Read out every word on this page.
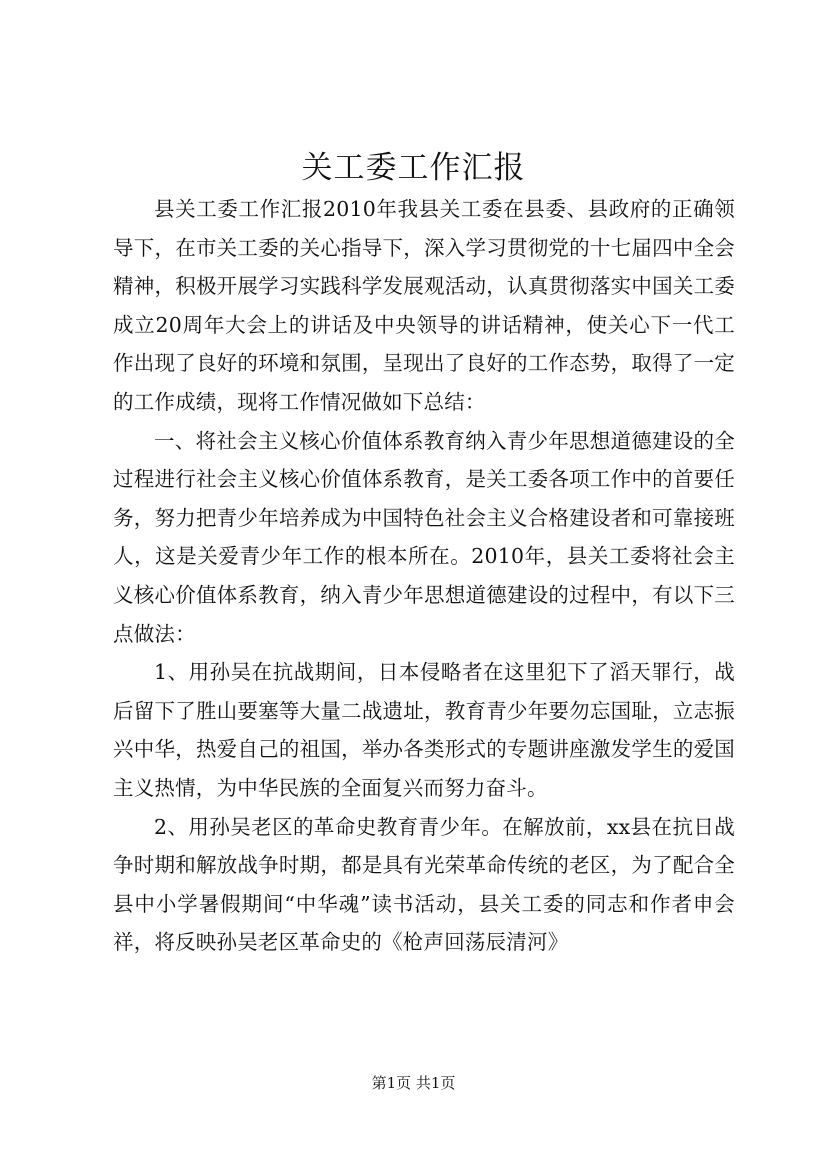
关工委工作汇报

县关工委工作汇报2010年我县关工委在县委、县政府的正确领导下，在市关工委的关心指导下，深入学习贯彻党的十七届四中全会精神，积极开展学习实践科学发展观活动，认真贯彻落实中国关工委成立20周年大会上的讲话及中央领导的讲话精神，使关心下一代工作出现了良好的环境和氛围，呈现出了良好的工作态势，取得了一定的工作成绩，现将工作情况做如下总结：

一、将社会主义核心价值体系教育纳入青少年思想道德建设的全过程进行社会主义核心价值体系教育，是关工委各项工作中的首要任务，努力把青少年培养成为中国特色社会主义合格建设者和可靠接班人，这是关爱青少年工作的根本所在。2010年，县关工委将社会主义核心价值体系教育，纳入青少年思想道德建设的过程中，有以下三点做法：

1、用孙吴在抗战期间，日本侵略者在这里犯下了滔天罪行，战后留下了胜山要塞等大量二战遗址，教育青少年要勿忘国耻，立志振兴中华，热爱自己的祖国，举办各类形式的专题讲座激发学生的爱国主义热情，为中华民族的全面复兴而努力奋斗。

2、用孙吴老区的革命史教育青少年。在解放前，xx县在抗日战争时期和解放战争时期，都是具有光荣革命传统的老区，为了配合全县中小学暑假期间“中华魂”读书活动，县关工委的同志和作者申会祥，将反映孙吴老区革命史的《枪声回荡辰清河》

第1页 共1页
